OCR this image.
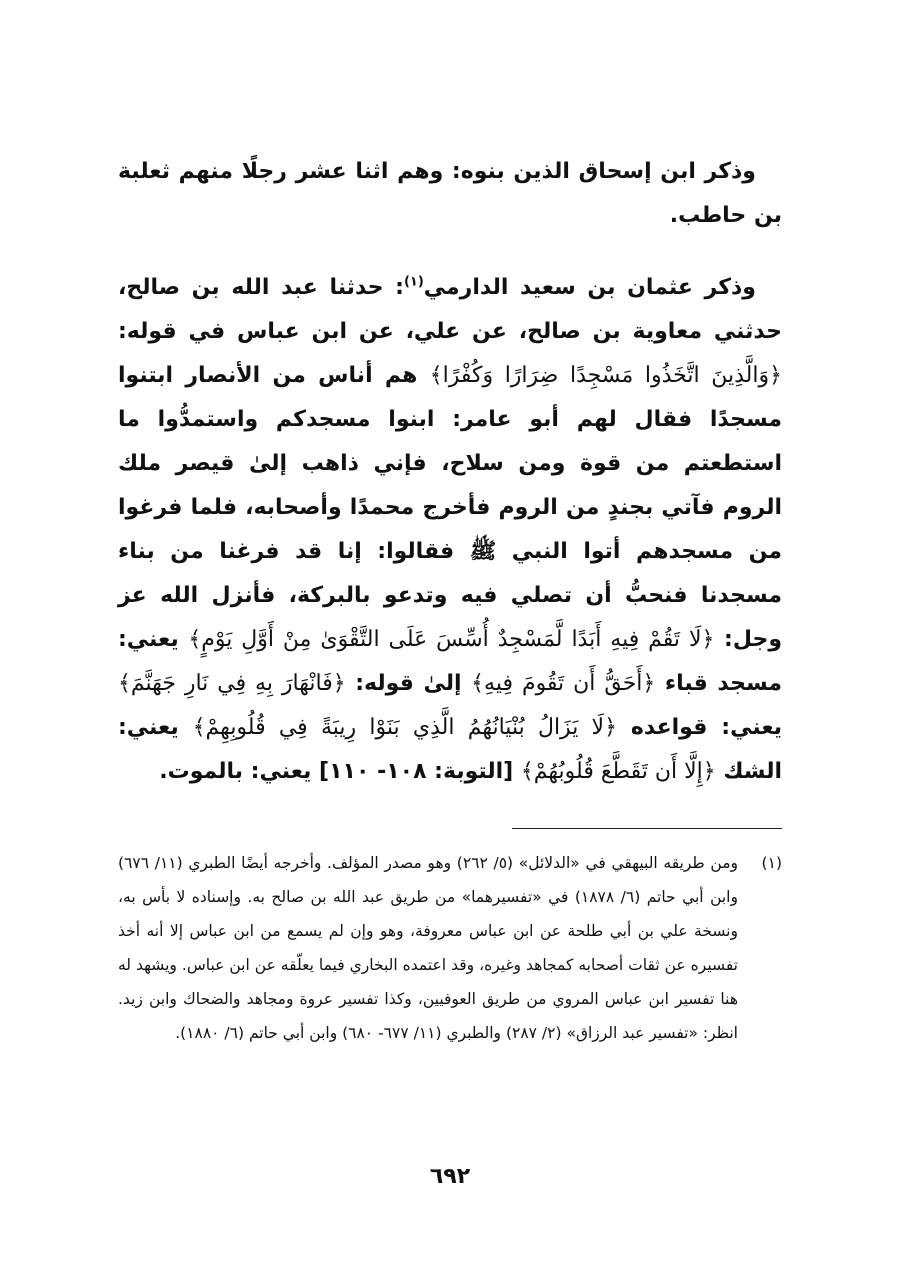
وذكر ابن إسحاق الذين بنوه: وهم اثنا عشر رجلًا منهم ثعلبة بن حاطب.

وذكر عثمان بن سعيد الدارمي$^{(١)}$: حدثنا عبد الله بن صالح، حدثني معاوية بن صالح، عن علي، عن ابن عباس في قوله: ﴿وَالَّذِينَ اتَّخَذُوا مَسْجِدًا ضِرَارًا وَكُفْرًا﴾ هم أناس من الأنصار ابتنوا مسجدًا فقال لهم أبو عامر: ابنوا مسجدكم واستمدُّوا ما استطعتم من قوة ومن سلاح، فإني ذاهب إلىٰ قيصر ملك الروم فآتي بجندٍ من الروم فأخرج محمدًا وأصحابه، فلما فرغوا من مسجدهم أتوا النبي ﷺ فقالوا: إنا قد فرغنا من بناء مسجدنا فنحبُّ أن تصلي فيه وتدعو بالبركة، فأنزل الله عز وجل: ﴿لَا تَقُمْ فِيهِ أَبَدًا لَّمَسْجِدٌ أُسِّسَ عَلَى التَّقْوَىٰ مِنْ أَوَّلِ يَوْمٍ﴾ يعني: مسجد قباء ﴿أَحَقُّ أَن تَقُومَ فِيهِ﴾ إلىٰ قوله: ﴿فَانْهَارَ بِهِ فِي نَارِ جَهَنَّمَ﴾ يعني: قواعده ﴿لَا يَزَالُ بُنْيَانُهُمُ الَّذِي بَنَوْا رِيبَةً فِي قُلُوبِهِمْ﴾ يعني: الشك ﴿إِلَّا أَن تَقَطَّعَ قُلُوبُهُمْ﴾ [التوبة: ١٠٨- ١١٠] يعني: بالموت.

(١)
ومن طريقه البيهقي في «الدلائل» (٥/ ٢٦٢) وهو مصدر المؤلف. وأخرجه أيضًا الطبري (١١/ ٦٧٦) وابن أبي حاتم (٦/ ١٨٧٨) في «تفسيرهما» من طريق عبد الله بن صالح به. وإسناده لا بأس به، ونسخة علي بن أبي طلحة عن ابن عباس معروفة، وهو وإن لم يسمع من ابن عباس إلا أنه أخذ تفسيره عن ثقات أصحابه كمجاهد وغيره، وقد اعتمده البخاري فيما يعلّقه عن ابن عباس. ويشهد له هنا تفسير ابن عباس المروي من طريق العوفيين، وكذا تفسير عروة ومجاهد والضحاك وابن زيد. انظر: «تفسير عبد الرزاق» (٢/ ٢٨٧) والطبري (١١/ ٦٧٧- ٦٨٠) وابن أبي حاتم (٦/ ١٨٨٠).
٦٩٢
